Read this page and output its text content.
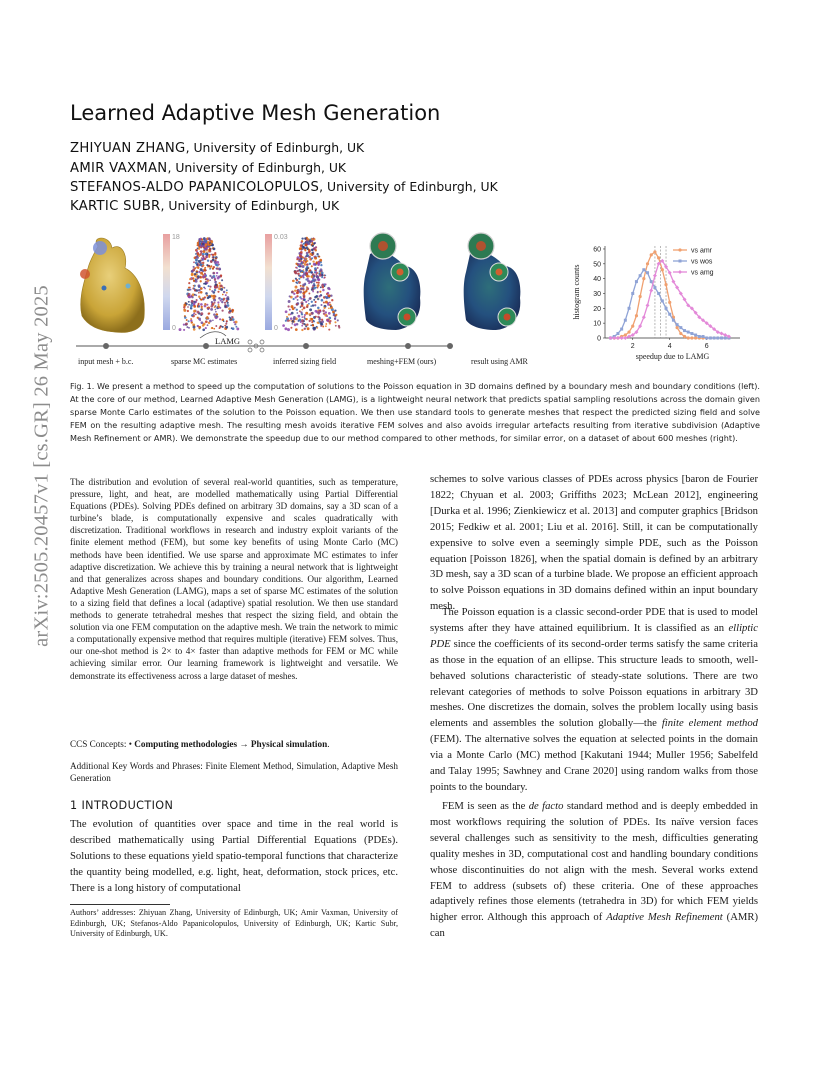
arXiv:2505.20457v1 [cs.GR] 26 May 2025
Learned Adaptive Mesh Generation
ZHIYUAN ZHANG, University of Edinburgh, UK
AMIR VAXMAN, University of Edinburgh, UK
STEFANOS-ALDO PAPANICOLOPULOS, University of Edinburgh, UK
KARTIC SUBR, University of Edinburgh, UK
18
0
0.03
0
LAMG
input mesh + b.c.	sparse MC estimates	inferred sizing field	meshing+FEM (ours)	result using AMR
0
10
20
30
40
50
60
2	4	6
vs amr
vs wos
vs amg
speedup due to LAMG
histogram counts
Fig. 1. We present a method to speed up the computation of solutions to the Poisson equation in 3D domains defined by a boundary mesh and boundary conditions (left). At the core of our method, Learned Adaptive Mesh Generation (LAMG), is a lightweight neural network that predicts spatial sampling resolutions across the domain given sparse Monte Carlo estimates of the solution to the Poisson equation. We then use standard tools to generate meshes that respect the predicted sizing field and solve FEM on the resulting adaptive mesh. The resulting mesh avoids iterative FEM solves and also avoids irregular artefacts resulting from iterative subdivision (Adaptive Mesh Refinement or AMR). We demonstrate the speedup due to our method compared to other methods, for similar error, on a dataset of about 600 meshes (right).
The distribution and evolution of several real-world quantities, such as temperature, pressure, light, and heat, are modelled mathematically using Partial Differential Equations (PDEs). Solving PDEs defined on arbitrary 3D domains, say a 3D scan of a turbine’s blade, is computationally expensive and scales quadratically with discretization. Traditional workflows in research and industry exploit variants of the finite element method (FEM), but some key benefits of using Monte Carlo (MC) methods have been identified. We use sparse and approximate MC estimates to infer adaptive discretization. We achieve this by training a neural network that is lightweight and that generalizes across shapes and boundary conditions. Our algorithm, Learned Adaptive Mesh Generation (LAMG), maps a set of sparse MC estimates of the solution to a sizing field that defines a local (adaptive) spatial resolution. We then use standard methods to generate tetrahedral meshes that respect the sizing field, and obtain the solution via one FEM computation on the adaptive mesh. We train the network to mimic a computationally expensive method that requires multiple (iterative) FEM solves. Thus, our one-shot method is 2× to 4× faster than adaptive methods for FEM or MC while achieving similar error. Our learning framework is lightweight and versatile. We demonstrate its effectiveness across a large dataset of meshes.
CCS Concepts: • Computing methodologies → Physical simulation.
Additional Key Words and Phrases: Finite Element Method, Simulation, Adaptive Mesh Generation
1 INTRODUCTION
The evolution of quantities over space and time in the real world is described mathematically using Partial Differential Equations (PDEs). Solutions to these equations yield spatio-temporal functions that characterize the quantity being modelled, e.g. light, heat, deformation, stock prices, etc. There is a long history of computational
Authors’ addresses: Zhiyuan Zhang, University of Edinburgh, UK; Amir Vaxman, University of Edinburgh, UK; Stefanos-Aldo Papanicolopulos, University of Edinburgh, UK; Kartic Subr, University of Edinburgh, UK.
schemes to solve various classes of PDEs across physics [baron de Fourier 1822; Chyuan et al. 2003; Griffiths 2023; McLean 2012], engineering [Durka et al. 1996; Zienkiewicz et al. 2013] and computer graphics [Bridson 2015; Fedkiw et al. 2001; Liu et al. 2016]. Still, it can be computationally expensive to solve even a seemingly simple PDE, such as the Poisson equation [Poisson 1826], when the spatial domain is defined by an arbitrary 3D mesh, say a 3D scan of a turbine blade. We propose an efficient approach to solve Poisson equations in 3D domains defined within an input boundary mesh.
The Poisson equation is a classic second-order PDE that is used to model systems after they have attained equilibrium. It is classified as an elliptic PDE since the coefficients of its second-order terms satisfy the same criteria as those in the equation of an ellipse. This structure leads to smooth, well-behaved solutions characteristic of steady-state solutions. There are two relevant categories of methods to solve Poisson equations in arbitrary 3D meshes. One discretizes the domain, solves the problem locally using basis elements and assembles the solution globally—the finite element method (FEM). The alternative solves the equation at selected points in the domain via a Monte Carlo (MC) method [Kakutani 1944; Muller 1956; Sabelfeld and Talay 1995; Sawhney and Crane 2020] using random walks from those points to the boundary.
FEM is seen as the de facto standard method and is deeply embedded in most workflows requiring the solution of PDEs. Its naïve version faces several challenges such as sensitivity to the mesh, difficulties generating quality meshes in 3D, computational cost and handling boundary conditions whose discontinuities do not align with the mesh. Several works extend FEM to address (subsets of) these criteria. One of these approaches adaptively refines those elements (tetrahedra in 3D) for which FEM yields higher error. Although this approach of Adaptive Mesh Refinement (AMR) can
